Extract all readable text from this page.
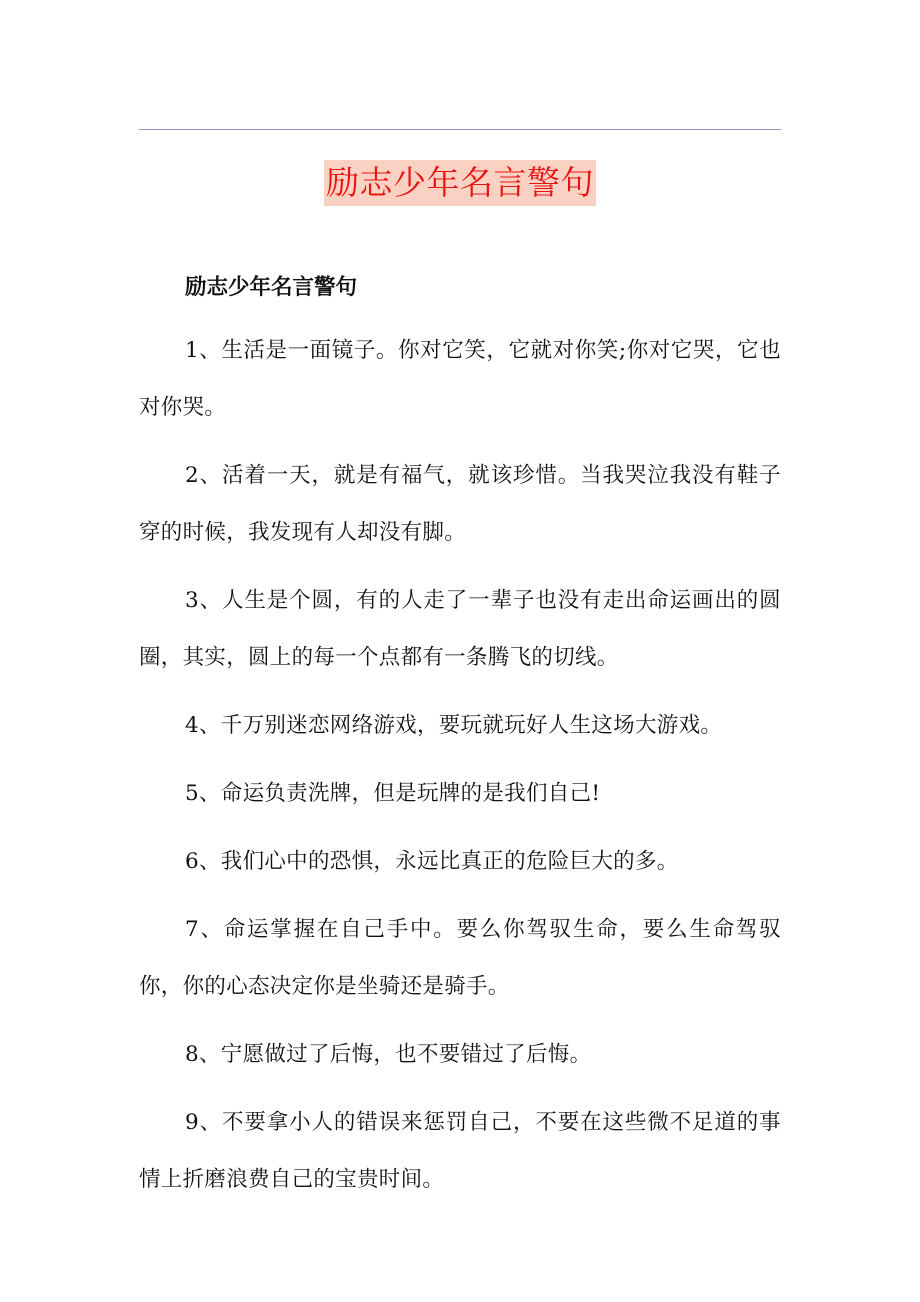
励志少年名言警句

励志少年名言警句

1、生活是一面镜子。你对它笑，它就对你笑;你对它哭，它也对你哭。

2、活着一天，就是有福气，就该珍惜。当我哭泣我没有鞋子穿的时候，我发现有人却没有脚。

3、人生是个圆，有的人走了一辈子也没有走出命运画出的圆圈，其实，圆上的每一个点都有一条腾飞的切线。

4、千万别迷恋网络游戏，要玩就玩好人生这场大游戏。

5、命运负责洗牌，但是玩牌的是我们自己!

6、我们心中的恐惧，永远比真正的危险巨大的多。

7、命运掌握在自己手中。要么你驾驭生命，要么生命驾驭你，你的心态决定你是坐骑还是骑手。

8、宁愿做过了后悔，也不要错过了后悔。

9、不要拿小人的错误来惩罚自己，不要在这些微不足道的事情上折磨浪费自己的宝贵时间。
